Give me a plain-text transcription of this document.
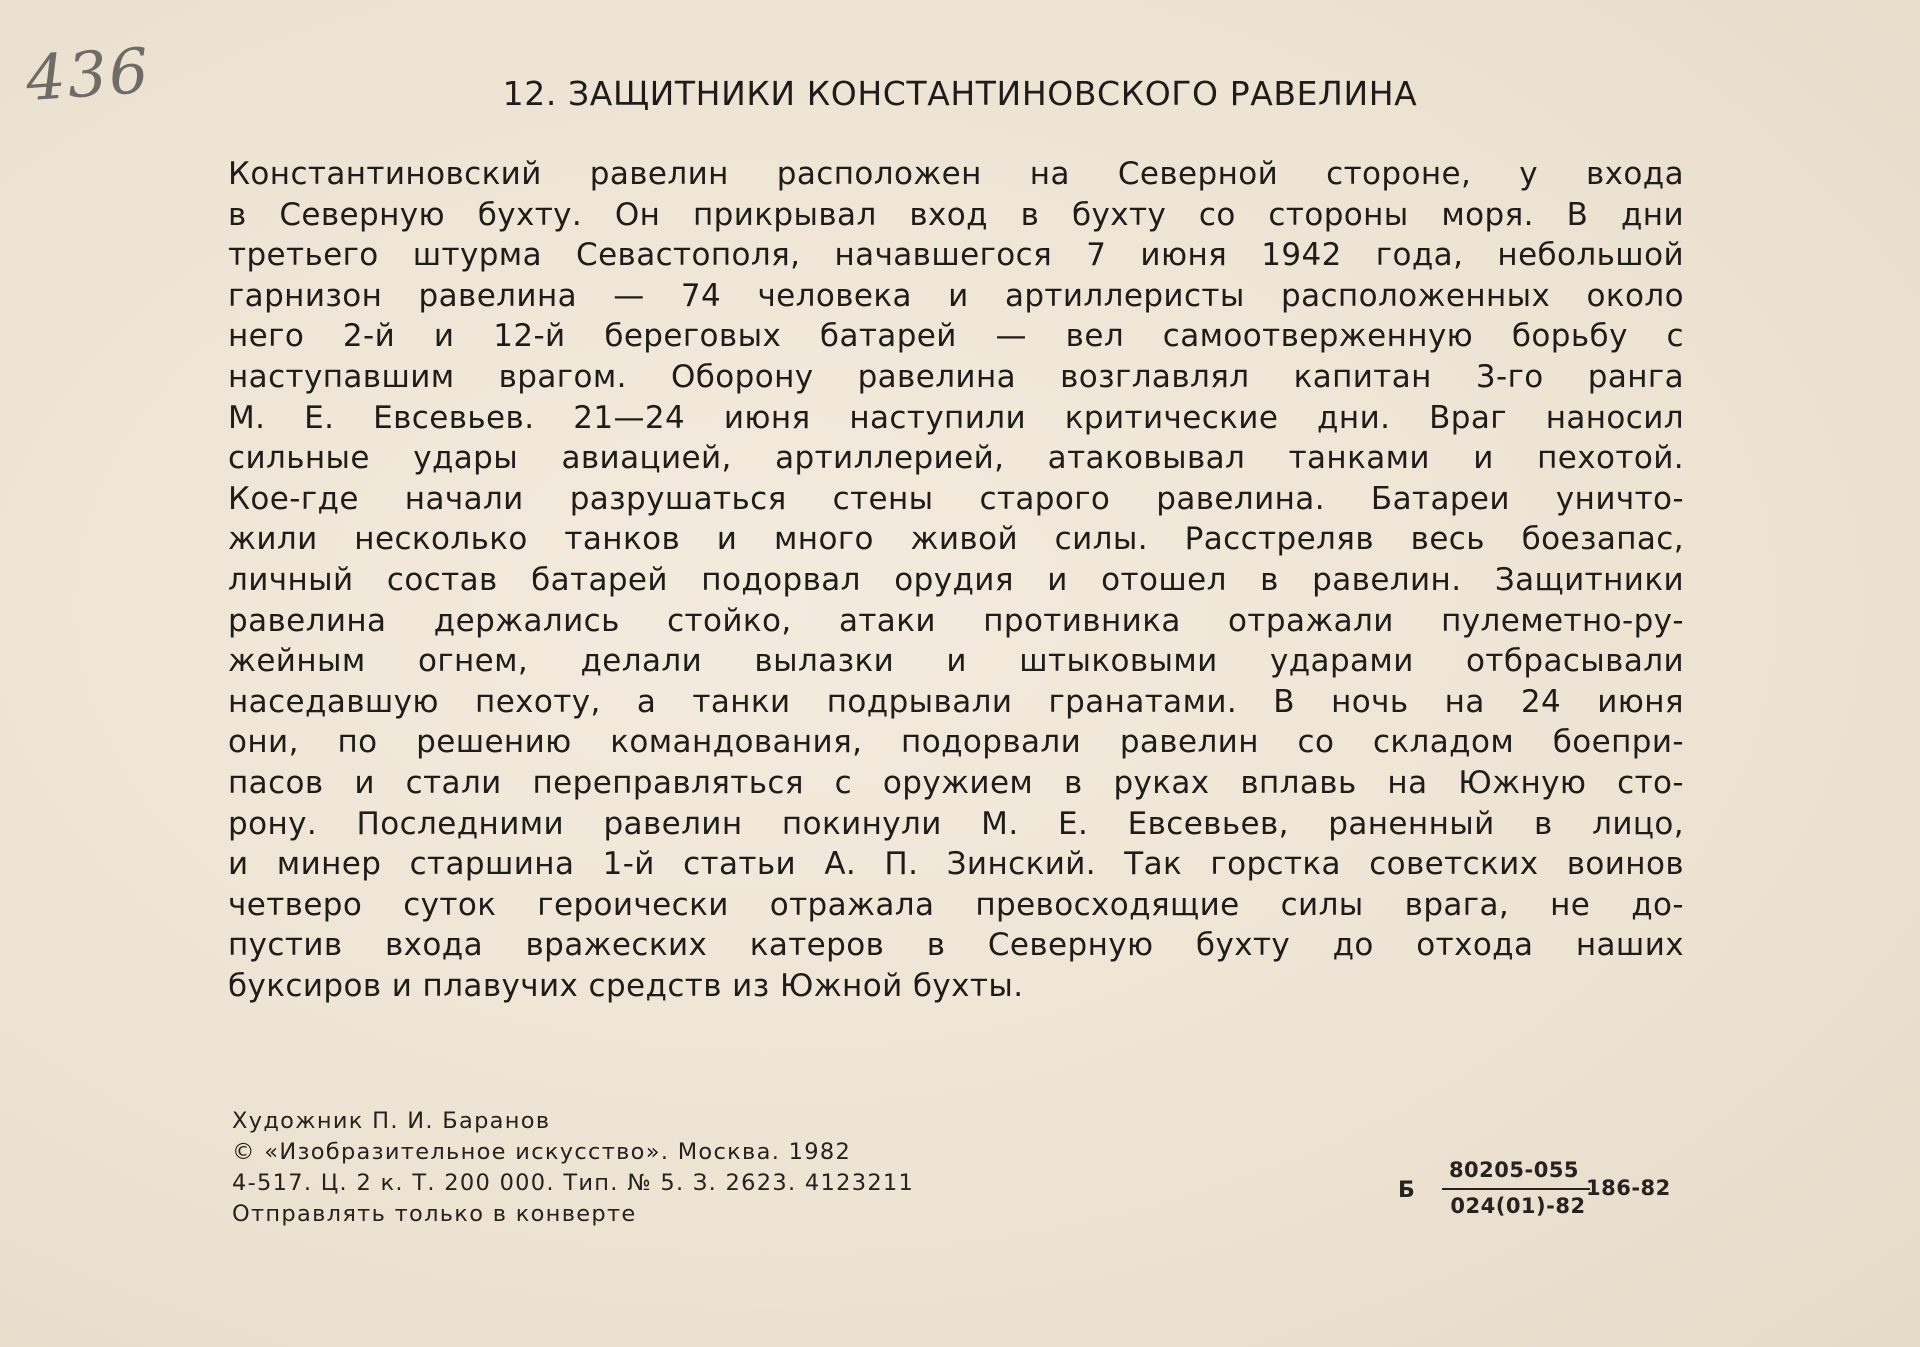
436	12. ЗАЩИТНИКИ КОНСТАНТИНОВСКОГО РАВЕЛИНА
Константиновский равелин расположен на Северной стороне, у входа
в Северную бухту. Он прикрывал вход в бухту со стороны моря. В дни
третьего штурма Севастополя, начавшегося 7 июня 1942 года, небольшой
гарнизон равелина — 74 человека и артиллеристы расположенных около
него 2-й и 12-й береговых батарей — вел самоотверженную борьбу с
наступавшим врагом. Оборону равелина возглавлял капитан 3-го ранга
М. Е. Евсевьев. 21—24 июня наступили критические дни. Враг наносил
сильные удары авиацией, артиллерией, атаковывал танками и пехотой.
Кое-где начали разрушаться стены старого равелина. Батареи уничто-
жили несколько танков и много живой силы. Расстреляв весь боезапас,
личный состав батарей подорвал орудия и отошел в равелин. Защитники
равелина держались стойко, атаки противника отражали пулеметно-ру-
жейным огнем, делали вылазки и штыковыми ударами отбрасывали
наседавшую пехоту, а танки подрывали гранатами. В ночь на 24 июня
они, по решению командования, подорвали равелин со складом боепри-
пасов и стали переправляться с оружием в руках вплавь на Южную сто-
рону. Последними равелин покинули М. Е. Евсевьев, раненный в лицо,
и минер старшина 1-й статьи А. П. Зинский. Так горстка советских воинов
четверо суток героически отражала превосходящие силы врага, не до-
пустив входа вражеских катеров в Северную бухту до отхода наших
буксиров и плавучих средств из Южной бухты.
Художник П. И. Баранов
© «Изобразительное искусство». Москва. 1982
4-517. Ц. 2 к. Т. 200 000. Тип. № 5. З. 2623. 4123211
Отправлять только в конверте
Б
80205-055
024(01)-82
186-82
